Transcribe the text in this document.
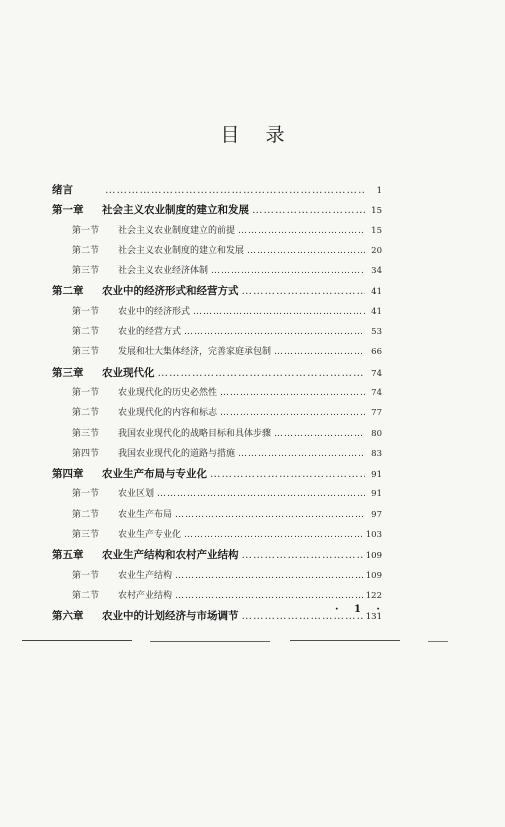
目录
绪言 …………………………………………………………………………………………………………………	1
第一章 社会主义农业制度的建立和发展 …………………………………………………………………………………………………………………	15
第一节 社会主义农业制度建立的前提 …………………………………………………………………………………………………………………	15
第二节 社会主义农业制度的建立和发展 …………………………………………………………………………………………………………………	20
第三节 社会主义农业经济体制 …………………………………………………………………………………………………………………	34
第二章 农业中的经济形式和经营方式 …………………………………………………………………………………………………………………	41
第一节 农业中的经济形式 …………………………………………………………………………………………………………………	41
第二节 农业的经营方式 …………………………………………………………………………………………………………………	53
第三节 发展和壮大集体经济，完善家庭承包制 …………………………………………………………………………………………………………………	66
第三章 农业现代化 …………………………………………………………………………………………………………………	74
第一节 农业现代化的历史必然性 …………………………………………………………………………………………………………………	74
第二节 农业现代化的内容和标志 …………………………………………………………………………………………………………………	77
第三节 我国农业现代化的战略目标和具体步骤 …………………………………………………………………………………………………………………	80
第四节 我国农业现代化的道路与措施 …………………………………………………………………………………………………………………	83
第四章 农业生产布局与专业化 …………………………………………………………………………………………………………………	91
第一节 农业区划 …………………………………………………………………………………………………………………	91
第二节 农业生产布局 …………………………………………………………………………………………………………………	97
第三节 农业生产专业化 …………………………………………………………………………………………………………………	103
第五章 农业生产结构和农村产业结构 …………………………………………………………………………………………………………………	109
第一节 农业生产结构 …………………………………………………………………………………………………………………	109
第二节 农村产业结构 …………………………………………………………………………………………………………………	122
第六章 农业中的计划经济与市场调节 …………………………………………………………………………………………………………………	131
· 1 ·
